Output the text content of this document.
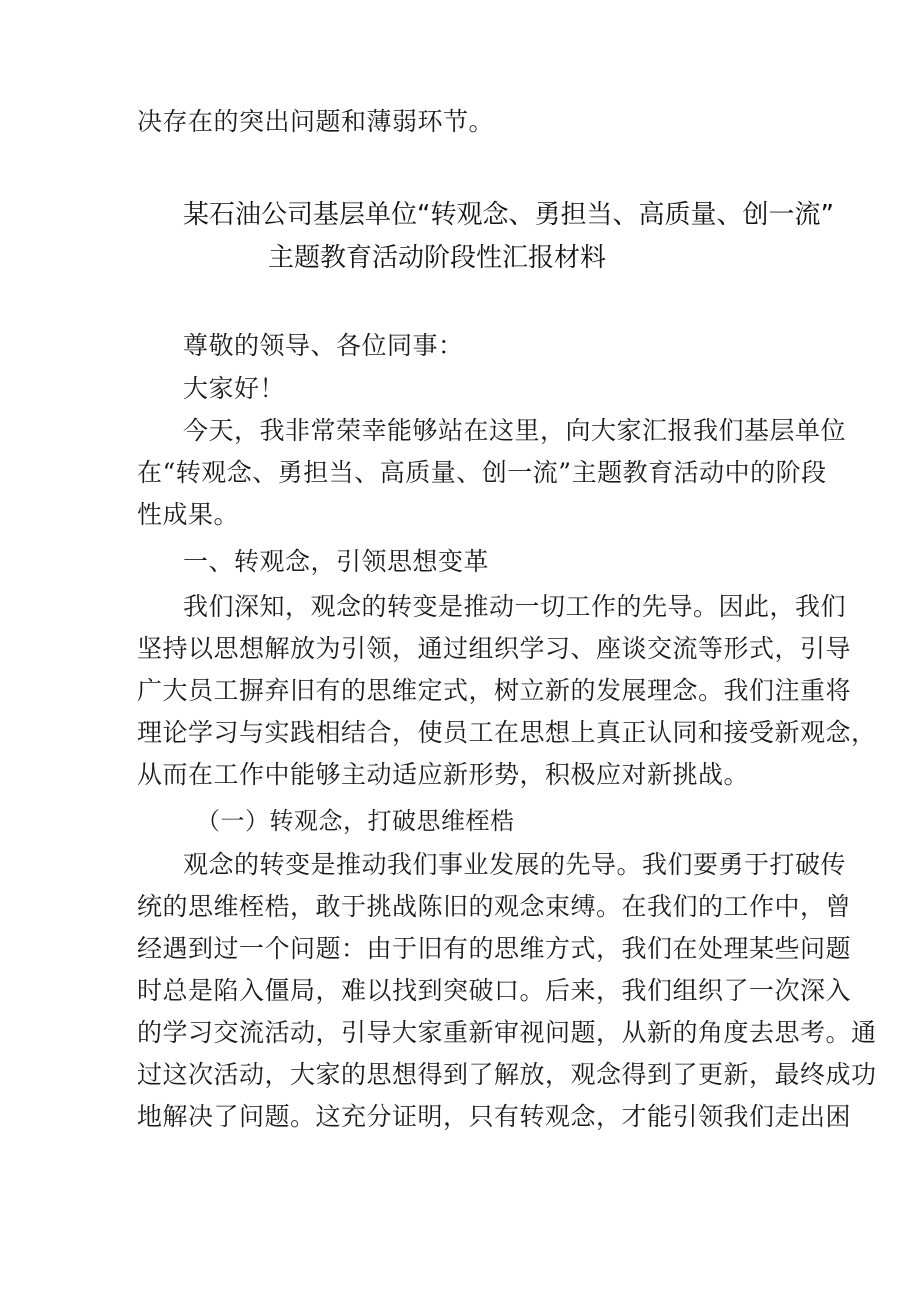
决存在的突出问题和薄弱环节。
某石油公司基层单位“转观念、勇担当、高质量、创一流”
主题教育活动阶段性汇报材料
尊敬的领导、各位同事：
大家好！
今天，我非常荣幸能够站在这里，向大家汇报我们基层单位
在“转观念、勇担当、高质量、创一流”主题教育活动中的阶段
性成果。
一、转观念，引领思想变革
我们深知，观念的转变是推动一切工作的先导。因此，我们
坚持以思想解放为引领，通过组织学习、座谈交流等形式，引导
广大员工摒弃旧有的思维定式，树立新的发展理念。我们注重将
理论学习与实践相结合，使员工在思想上真正认同和接受新观念，
从而在工作中能够主动适应新形势，积极应对新挑战。
（一）转观念，打破思维桎梏
观念的转变是推动我们事业发展的先导。我们要勇于打破传
统的思维桎梏，敢于挑战陈旧的观念束缚。在我们的工作中，曾
经遇到过一个问题：由于旧有的思维方式，我们在处理某些问题
时总是陷入僵局，难以找到突破口。后来，我们组织了一次深入
的学习交流活动，引导大家重新审视问题，从新的角度去思考。通
过这次活动，大家的思想得到了解放，观念得到了更新，最终成功
地解决了问题。这充分证明，只有转观念，才能引领我们走出困
